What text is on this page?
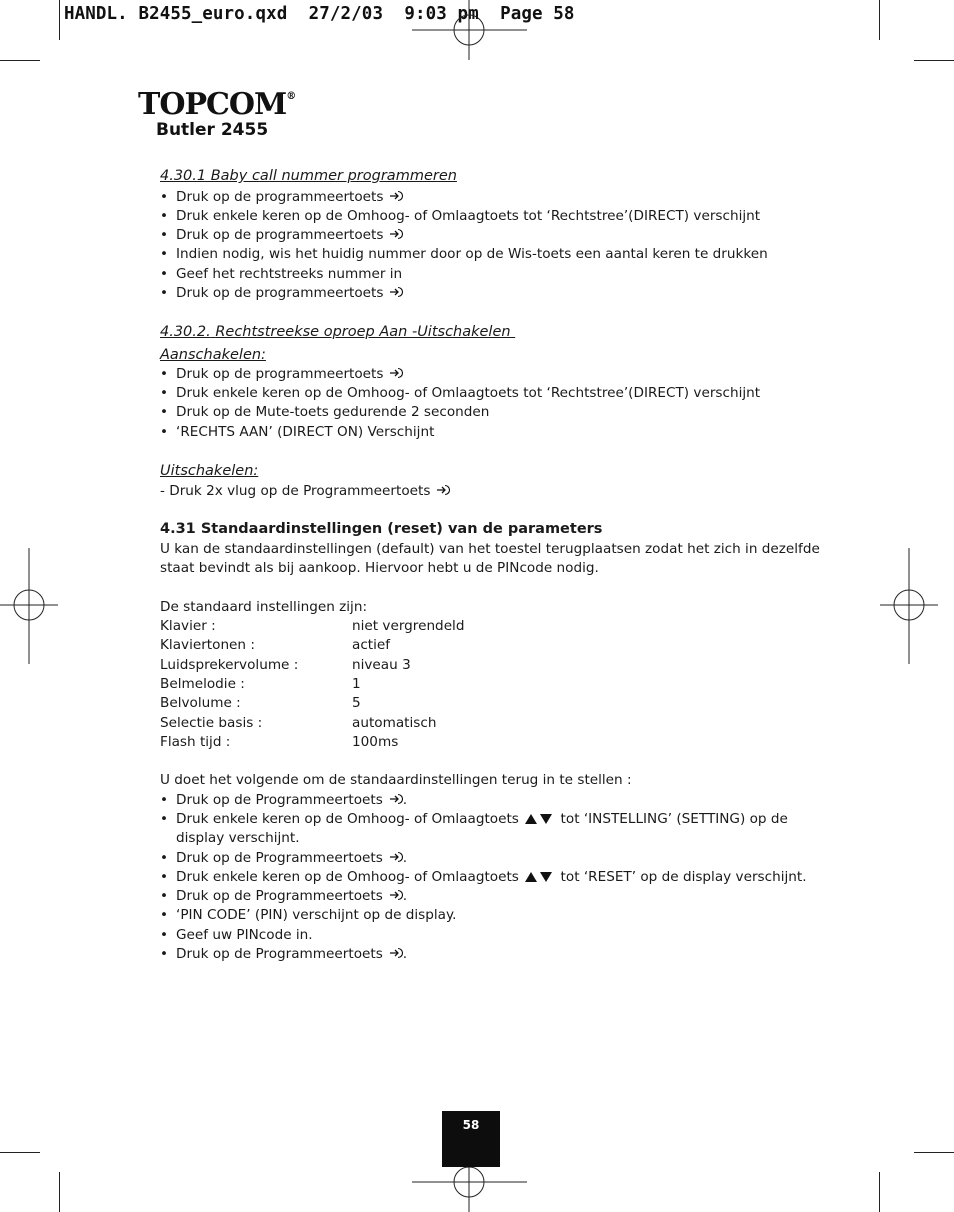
HANDL. B2455_euro.qxd  27/2/03  9:03 pm  Page 58
TOPCOM®
Butler 2455
4.30.1 Baby call nummer programmeren
• Druk op de programmeertoets
• Druk enkele keren op de Omhoog- of Omlaagtoets tot ‘Rechtstree’(DIRECT) verschijnt
• Druk op de programmeertoets
• Indien nodig, wis het huidig nummer door op de Wis-toets een aantal keren te drukken
• Geef het rechtstreeks nummer in
• Druk op de programmeertoets
4.30.2. Rechtstreekse oproep Aan -Uitschakelen
Aanschakelen:
• Druk op de programmeertoets
• Druk enkele keren op de Omhoog- of Omlaagtoets tot ‘Rechtstree’(DIRECT) verschijnt
• Druk op de Mute-toets gedurende 2 seconden
• ‘RECHTS AAN’ (DIRECT ON) Verschijnt
Uitschakelen:
- Druk 2x vlug op de Programmeertoets
4.31 Standaardinstellingen (reset) van de parameters
U kan de standaardinstellingen (default) van het toestel terugplaatsen zodat het zich in dezelfde
staat bevindt als bij aankoop. Hiervoor hebt u de PINcode nodig.
De standaard instellingen zijn:
Klavier :	niet vergrendeld
Klaviertonen :	actief
Luidsprekervolume :	niveau 3
Belmelodie :	1
Belvolume :	5
Selectie basis :	automatisch
Flash tijd :	100ms
U doet het volgende om de standaardinstellingen terug in te stellen :
• Druk op de Programmeertoets .
• Druk enkele keren op de Omhoog- of Omlaagtoets	tot ‘INSTELLING’ (SETTING) op de
display verschijnt.
• Druk op de Programmeertoets .
• Druk enkele keren op de Omhoog- of Omlaagtoets	tot ‘RESET’ op de display verschijnt.
• Druk op de Programmeertoets .
• ‘PIN CODE’ (PIN) verschijnt op de display.
• Geef uw PINcode in.
• Druk op de Programmeertoets .
58
